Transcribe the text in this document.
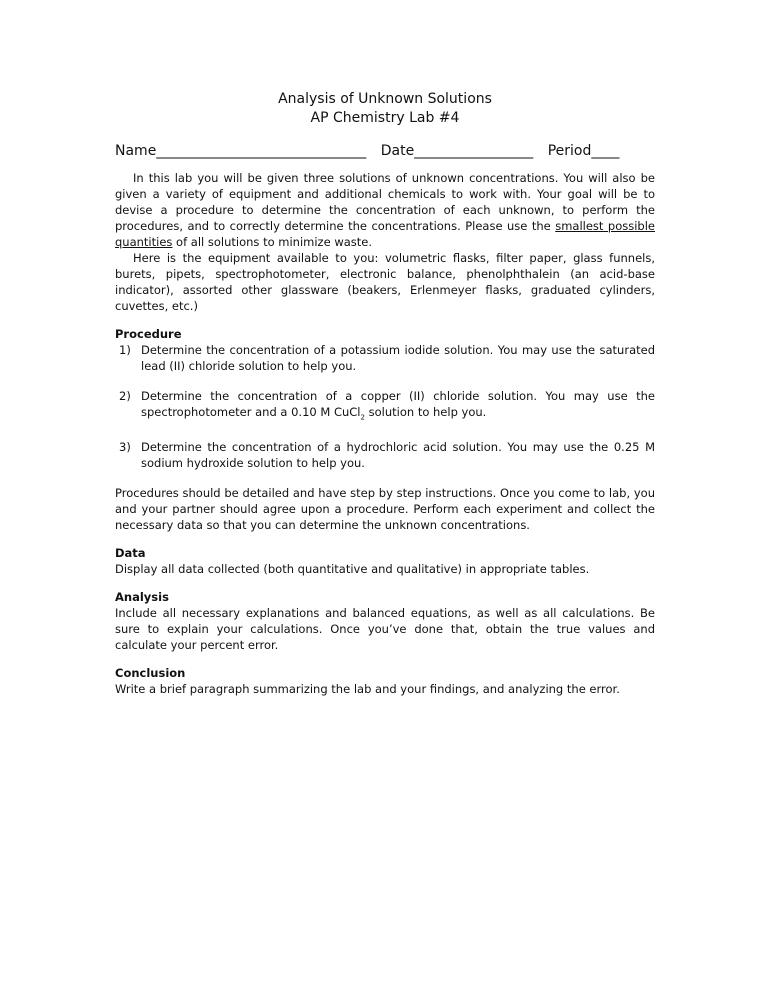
Analysis of Unknown Solutions
AP Chemistry Lab #4
Name______________________________ Date_________________ Period____

In this lab you will be given three solutions of unknown concentrations. You will also be given a variety of equipment and additional chemicals to work with. Your goal will be to devise a procedure to determine the concentration of each unknown, to perform the procedures, and to correctly determine the concentrations. Please use the smallest possible quantities of all solutions to minimize waste.

Here is the equipment available to you: volumetric flasks, filter paper, glass funnels, burets, pipets, spectrophotometer, electronic balance, phenolphthalein (an acid-base indicator), assorted other glassware (beakers, Erlenmeyer flasks, graduated cylinders, cuvettes, etc.)

Procedure
1) Determine the concentration of a potassium iodide solution. You may use the saturated lead (II) chloride solution to help you.
2) Determine the concentration of a copper (II) chloride solution. You may use the spectrophotometer and a 0.10 M CuCl$_2$ solution to help you.
3) Determine the concentration of a hydrochloric acid solution. You may use the 0.25 M sodium hydroxide solution to help you.

Procedures should be detailed and have step by step instructions. Once you come to lab, you and your partner should agree upon a procedure. Perform each experiment and collect the necessary data so that you can determine the unknown concentrations.

Data

Display all data collected (both quantitative and qualitative) in appropriate tables.

Analysis

Include all necessary explanations and balanced equations, as well as all calculations. Be sure to explain your calculations. Once you’ve done that, obtain the true values and calculate your percent error.

Conclusion

Write a brief paragraph summarizing the lab and your findings, and analyzing the error.
